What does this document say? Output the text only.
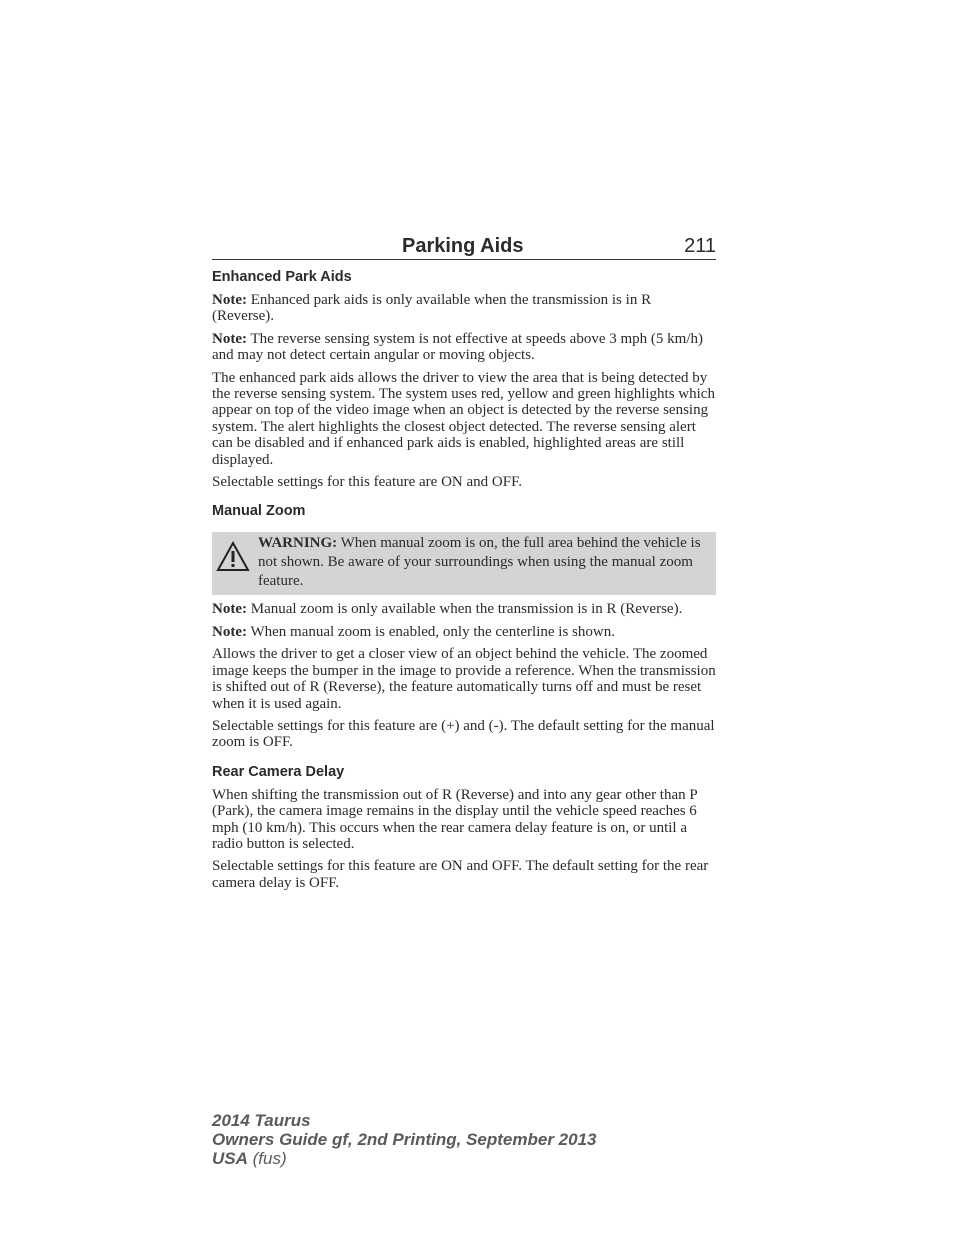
Parking Aids	211
Enhanced Park Aids

Note: Enhanced park aids is only available when the transmission is in R (Reverse).

Note: The reverse sensing system is not effective at speeds above 3 mph (5 km/h) and may not detect certain angular or moving objects.

The enhanced park aids allows the driver to view the area that is being detected by the reverse sensing system. The system uses red, yellow and green highlights which appear on top of the video image when an object is detected by the reverse sensing system. The alert highlights the closest object detected. The reverse sensing alert can be disabled and if enhanced park aids is enabled, highlighted areas are still displayed.

Selectable settings for this feature are ON and OFF.

Manual Zoom

WARNING: When manual zoom is on, the full area behind the vehicle is not shown. Be aware of your surroundings when using the manual zoom feature.

Note: Manual zoom is only available when the transmission is in R (Reverse).

Note: When manual zoom is enabled, only the centerline is shown.

Allows the driver to get a closer view of an object behind the vehicle. The zoomed image keeps the bumper in the image to provide a reference. When the transmission is shifted out of R (Reverse), the feature automatically turns off and must be reset when it is used again.

Selectable settings for this feature are (+) and (-). The default setting for the manual zoom is OFF.

Rear Camera Delay

When shifting the transmission out of R (Reverse) and into any gear other than P (Park), the camera image remains in the display until the vehicle speed reaches 6 mph (10 km/h). This occurs when the rear camera delay feature is on, or until a radio button is selected.

Selectable settings for this feature are ON and OFF. The default setting for the rear camera delay is OFF.

2014 Taurus
Owners Guide gf, 2nd Printing, September 2013
USA (fus)
